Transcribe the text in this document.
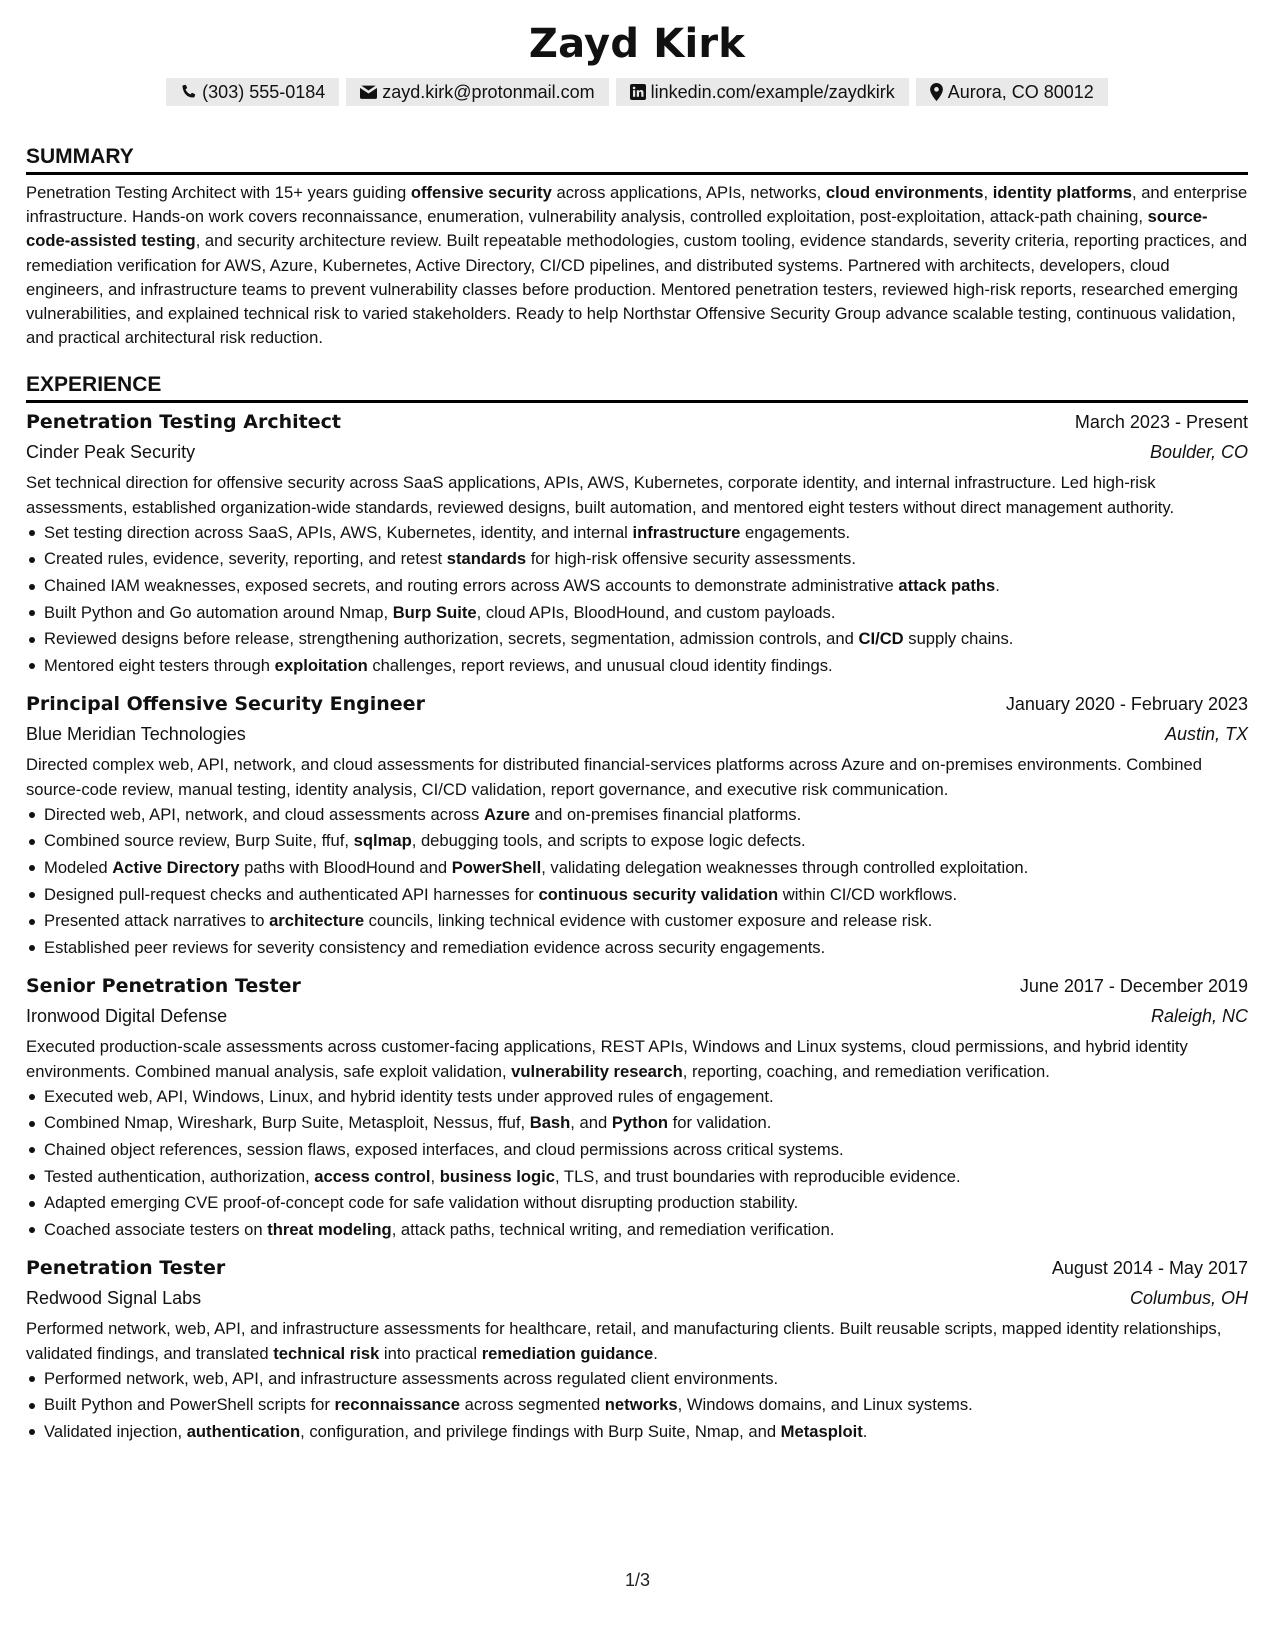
Zayd Kirk
(303) 555-0184	zayd.kirk@protonmail.com	linkedin.com/example/zaydkirk	Aurora, CO 80012
SUMMARY

Penetration Testing Architect with 15+ years guiding offensive security across applications, APIs, networks, cloud environments, identity platforms, and enterprise infrastructure. Hands-on work covers reconnaissance, enumeration, vulnerability analysis, controlled exploitation, post-exploitation, attack-path chaining, source-code-assisted testing, and security architecture review. Built repeatable methodologies, custom tooling, evidence standards, severity criteria, reporting practices, and remediation verification for AWS, Azure, Kubernetes, Active Directory, CI/CD pipelines, and distributed systems. Partnered with architects, developers, cloud engineers, and infrastructure teams to prevent vulnerability classes before production. Mentored penetration testers, reviewed high-risk reports, researched emerging vulnerabilities, and explained technical risk to varied stakeholders. Ready to help Northstar Offensive Security Group advance scalable testing, continuous validation, and practical architectural risk reduction.

EXPERIENCE
Penetration Testing Architect	March 2023 - Present
Cinder Peak Security	Boulder, CO

Set technical direction for offensive security across SaaS applications, APIs, AWS, Kubernetes, corporate identity, and internal infrastructure. Led high-risk assessments, established organization-wide standards, reviewed designs, built automation, and mentored eight testers without direct management authority.

Set testing direction across SaaS, APIs, AWS, Kubernetes, identity, and internal infrastructure engagements.
Created rules, evidence, severity, reporting, and retest standards for high-risk offensive security assessments.
Chained IAM weaknesses, exposed secrets, and routing errors across AWS accounts to demonstrate administrative attack paths.
Built Python and Go automation around Nmap, Burp Suite, cloud APIs, BloodHound, and custom payloads.
Reviewed designs before release, strengthening authorization, secrets, segmentation, admission controls, and CI/CD supply chains.
Mentored eight testers through exploitation challenges, report reviews, and unusual cloud identity findings.
Principal Offensive Security Engineer	January 2020 - February 2023
Blue Meridian Technologies	Austin, TX

Directed complex web, API, network, and cloud assessments for distributed financial-services platforms across Azure and on-premises environments. Combined source-code review, manual testing, identity analysis, CI/CD validation, report governance, and executive risk communication.

Directed web, API, network, and cloud assessments across Azure and on-premises financial platforms.
Combined source review, Burp Suite, ffuf, sqlmap, debugging tools, and scripts to expose logic defects.
Modeled Active Directory paths with BloodHound and PowerShell, validating delegation weaknesses through controlled exploitation.
Designed pull-request checks and authenticated API harnesses for continuous security validation within CI/CD workflows.
Presented attack narratives to architecture councils, linking technical evidence with customer exposure and release risk.
Established peer reviews for severity consistency and remediation evidence across security engagements.
Senior Penetration Tester	June 2017 - December 2019
Ironwood Digital Defense	Raleigh, NC

Executed production-scale assessments across customer-facing applications, REST APIs, Windows and Linux systems, cloud permissions, and hybrid identity environments. Combined manual analysis, safe exploit validation, vulnerability research, reporting, coaching, and remediation verification.

Executed web, API, Windows, Linux, and hybrid identity tests under approved rules of engagement.
Combined Nmap, Wireshark, Burp Suite, Metasploit, Nessus, ffuf, Bash, and Python for validation.
Chained object references, session flaws, exposed interfaces, and cloud permissions across critical systems.
Tested authentication, authorization, access control, business logic, TLS, and trust boundaries with reproducible evidence.
Adapted emerging CVE proof-of-concept code for safe validation without disrupting production stability.
Coached associate testers on threat modeling, attack paths, technical writing, and remediation verification.
Penetration Tester	August 2014 - May 2017
Redwood Signal Labs	Columbus, OH

Performed network, web, API, and infrastructure assessments for healthcare, retail, and manufacturing clients. Built reusable scripts, mapped identity relationships, validated findings, and translated technical risk into practical remediation guidance.

Performed network, web, API, and infrastructure assessments across regulated client environments.
Built Python and PowerShell scripts for reconnaissance across segmented networks, Windows domains, and Linux systems.
Validated injection, authentication, configuration, and privilege findings with Burp Suite, Nmap, and Metasploit.
1/3
